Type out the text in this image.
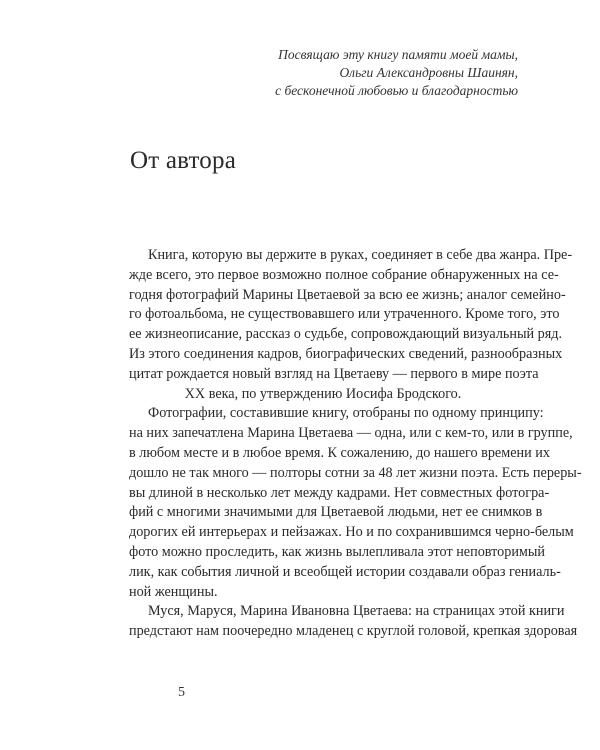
Посвящаю эту книгу памяти моей мамы,
Ольги Александровны Шаинян,
с бесконечной любовью и благодарностью
От автора
Книга, которую вы держите в руках, соединяет в себе два жанра. Пре-
жде всего, это первое возможно полное собрание обнаруженных на се-
годня фотографий Марины Цветаевой за всю ее жизнь; аналог семейно-
го фотоальбома, не существовавшего или утраченного. Кроме того, это
ее жизнеописание, рассказ о судьбе, сопровождающий визуальный ряд.
Из этого соединения кадров, биографических сведений, разнообразных
цитат рождается новый взгляд на Цветаеву — первого в мире поэта
XX века, по утверждению Иосифа Бродского.
Фотографии, составившие книгу, отобраны по одному принципу:
на них запечатлена Марина Цветаева — одна, или с кем-то, или в группе,
в любом месте и в любое время. К сожалению, до нашего времени их
дошло не так много — полторы сотни за 48 лет жизни поэта. Есть переры-
вы длиной в несколько лет между кадрами. Нет совместных фотогра-
фий с многими значимыми для Цветаевой людьми, нет ее снимков в
дорогих ей интерьерах и пейзажах. Но и по сохранившимся черно-белым
фото можно проследить, как жизнь вылепливала этот неповторимый
лик, как события личной и всеобщей истории создавали образ гениаль-
ной женщины.
Муся, Маруся, Марина Ивановна Цветаева: на страницах этой книги
предстают нам поочередно младенец с круглой головой, крепкая здоровая
5
